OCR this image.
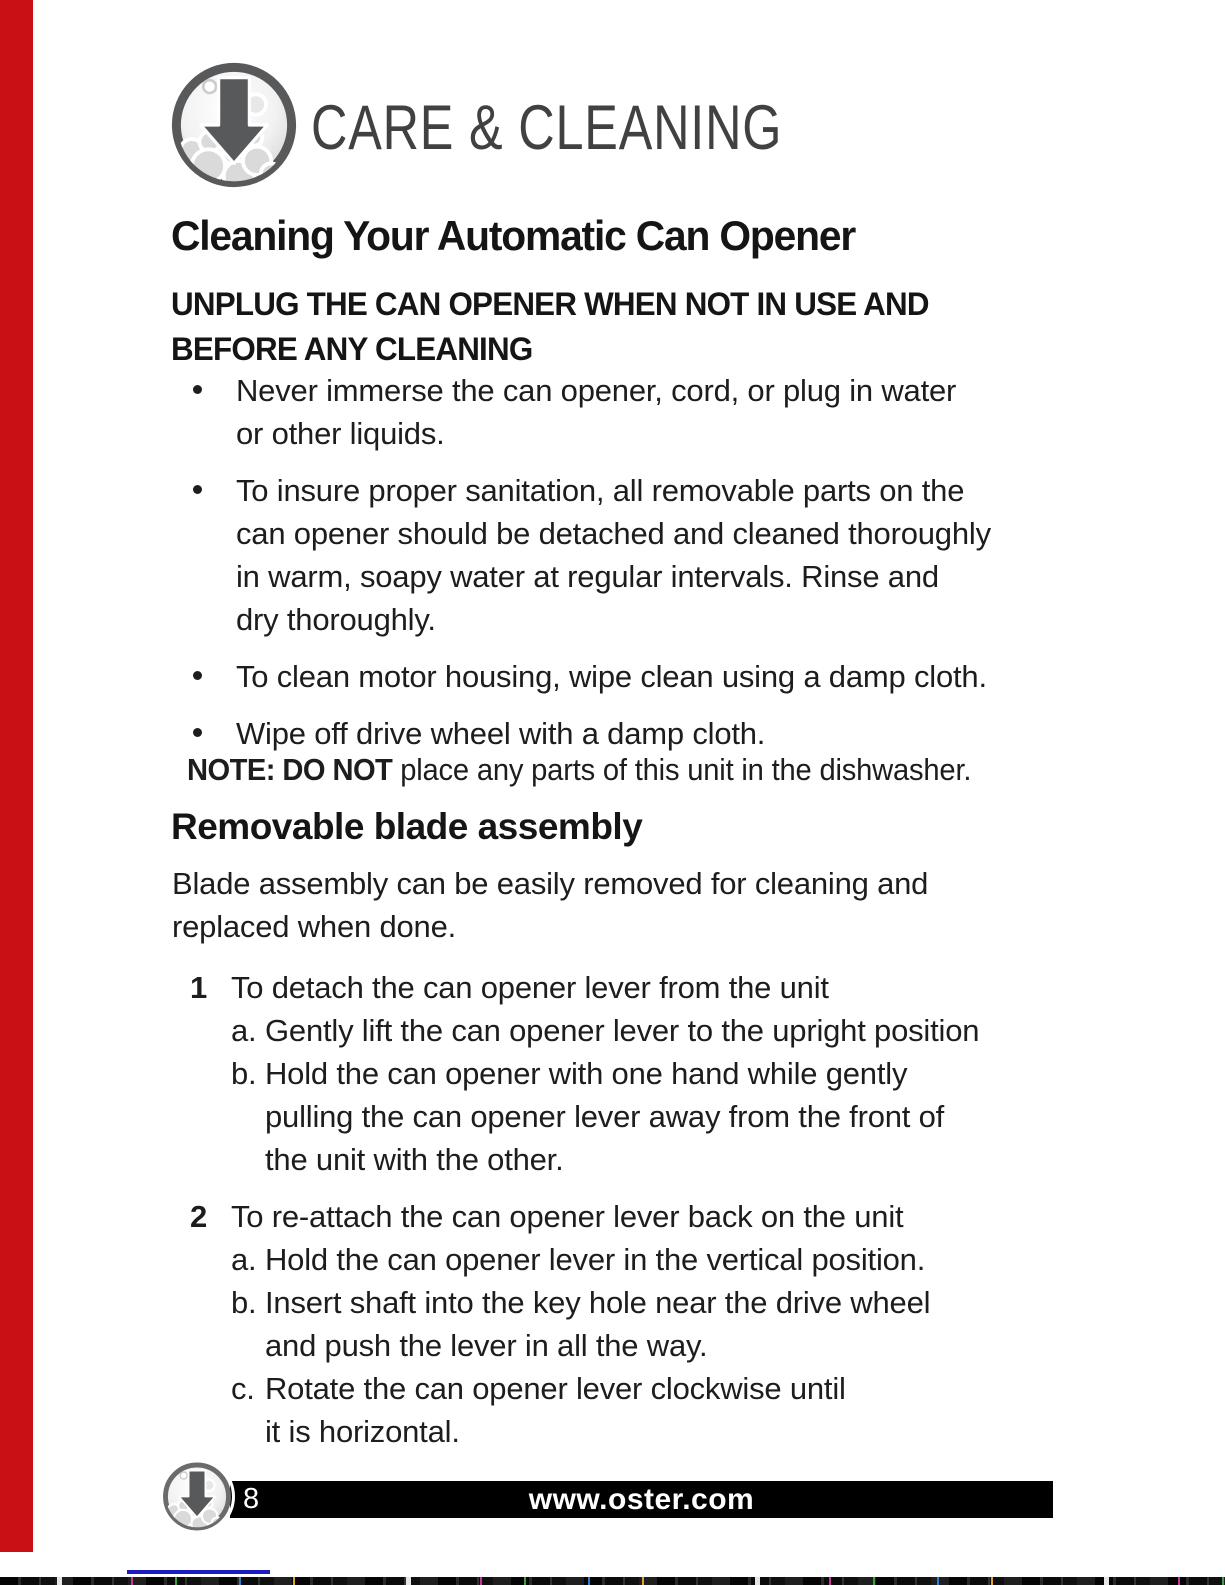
CARE & CLEANING
Cleaning Your Automatic Can Opener
UNPLUG THE CAN OPENER WHEN NOT IN USE AND
BEFORE ANY CLEANING
Never immerse the can opener, cord, or plug in water
or other liquids.
To insure proper sanitation, all removable parts on the
can opener should be detached and cleaned thoroughly
in warm, soapy water at regular intervals. Rinse and
dry thoroughly.
To clean motor housing, wipe clean using a damp cloth.
Wipe off drive wheel with a damp cloth.
NOTE: DO NOT place any parts of this unit in the dishwasher.
Removable blade assembly
Blade assembly can be easily removed for cleaning and
replaced when done.
1 To detach the can opener lever from the unit
a. Gently lift the can opener lever to the upright position
b. Hold the can opener with one hand while gently
pulling the can opener lever away from the front of
the unit with the other.
2 To re-attach the can opener lever back on the unit
a. Hold the can opener lever in the vertical position.
b. Insert shaft into the key hole near the drive wheel
and push the lever in all the way.
c. Rotate the can opener lever clockwise until
it is horizontal.
8	www.oster.com
